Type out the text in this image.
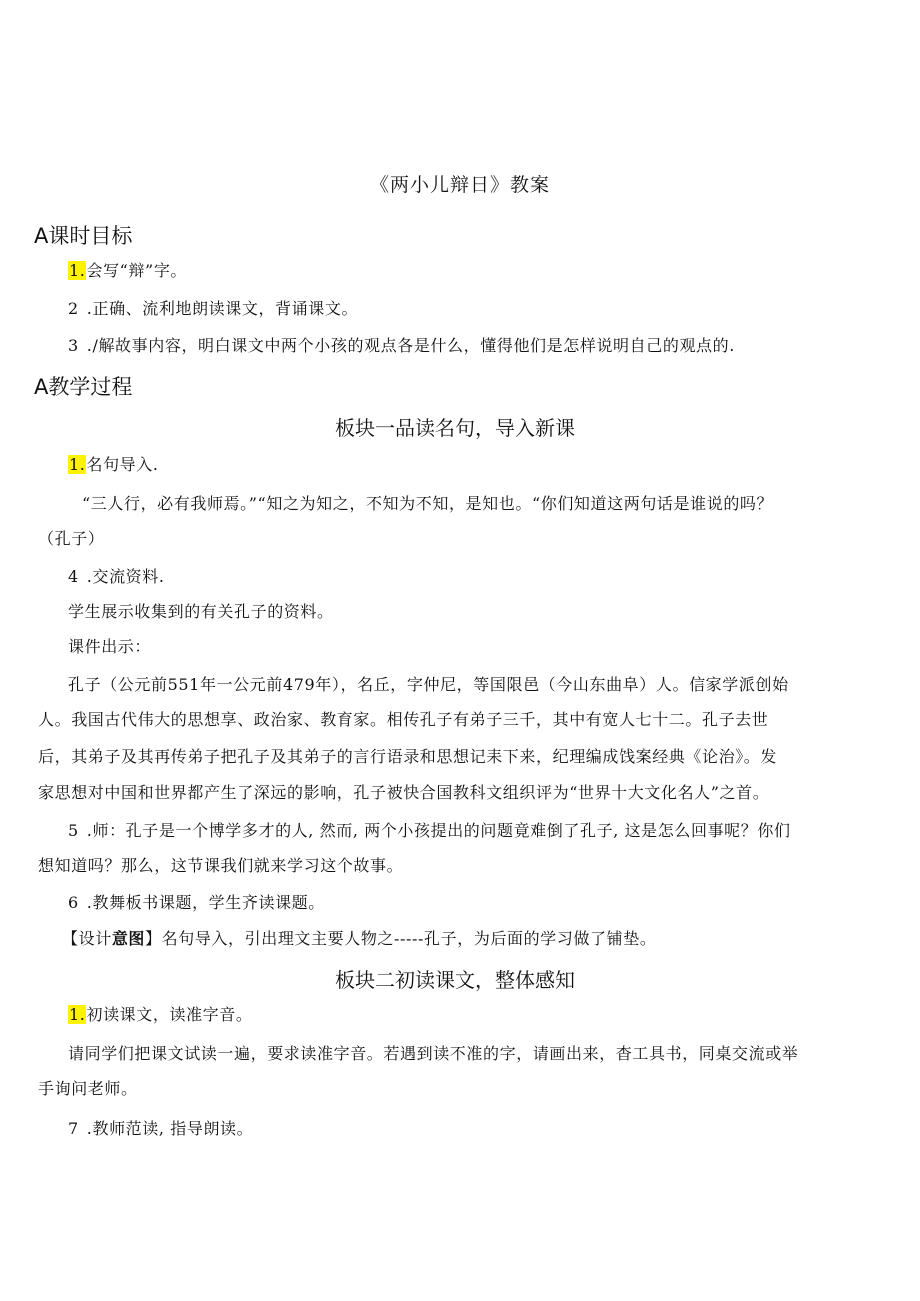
《两小儿辩日》教案
A课时目标
1.会写“辩”字。
2 .正确、流利地朗读课文，背诵课文。
3 ./解故事内容，明白课文中两个小孩的观点各是什么，懂得他们是怎样说明自己的观点的.
A教学过程
板块一品读名句，导入新课
1.名句导入.
“三人行，必有我师焉。”“知之为知之，不知为不知，是知也。“你们知道这两句话是谁说的吗？
（孔子）
4 .交流资料.
学生展示收集到的有关孔子的资料。
课件出示：
孔子（公元前551年一公元前479年），名丘，字仲尼，等国限邑（今山东曲阜）人。信家学派创始
人。我国古代伟大的思想享、政治家、教育家。相传孔子有弟子三千，其中有宽人七十二。孔子去世
后，其弟子及其再传弟子把孔子及其弟子的言行语录和思想记耒下来，纪理编成饯案经典《论治》。发
家思想对中国和世界都产生了深远的影响，孔子被快合国教科文组织评为“世界十大文化名人”之首。
5 .师：孔子是一个博学多才的人, 然而, 两个小孩提出的问题竟难倒了孔子, 这是怎么回事呢？你们
想知道吗？那么，这节课我们就来学习这个故事。
6 .教舞板书课题，学生齐读课题。
【设计意图】名句导入，引出理文主要人物之-----孔子，为后面的学习做了铺垫。
板块二初读课文，整体感知
1.初读课文，读准字音。
请同学们把课文试读一遍，要求读准字音。若遇到读不准的字，请画出来，杳工具书，同桌交流或举
手询问老师。
7 .教师范读, 指导朗读。
